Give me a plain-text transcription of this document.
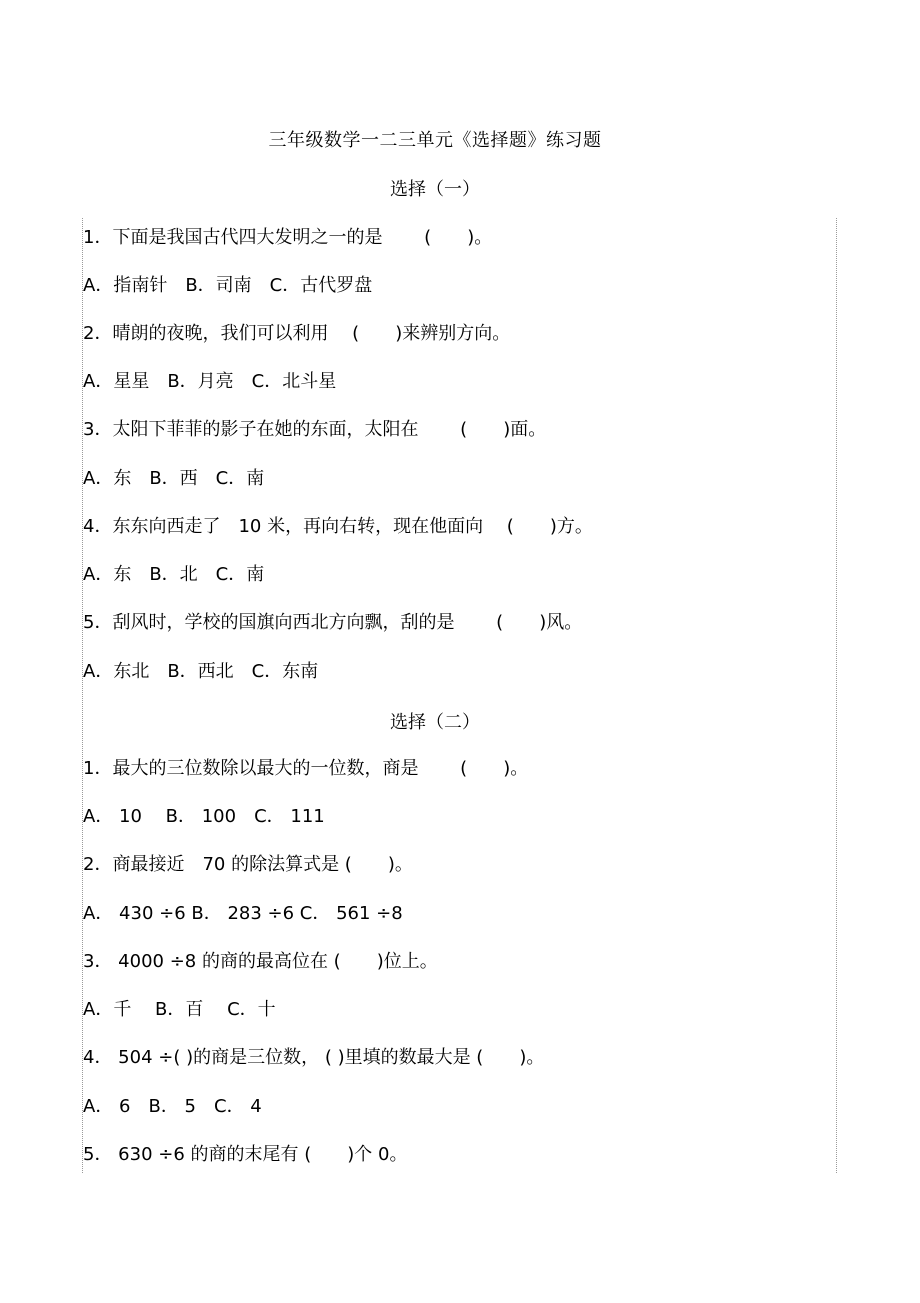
三年级数学一二三单元《选择题》练习题
选择（一）
1．下面是我国古代四大发明之一的是　　 (　　)。
A．指南针　B．司南　C．古代罗盘
2．晴朗的夜晚，我们可以利用　 (　　)来辨别方向。
A．星星　B．月亮　C．北斗星
3．太阳下菲菲的影子在她的东面，太阳在　　 (　　)面。
A．东　B．西　C．南
4．东东向西走了　10 米，再向右转，现在他面向　 (　　)方。
A．东　B．北　C．南
5．刮风时，学校的国旗向西北方向飘，刮的是　　 (　　)风。
A．东北　B．西北　C．东南
选择（二）
1．最大的三位数除以最大的一位数，商是　　 (　　)。
A． 10　 B． 100　C． 111
2．商最接近　70 的除法算式是 (　　)。
A． 430 ÷6 B． 283 ÷6 C． 561 ÷8
3． 4000 ÷8 的商的最高位在 (　　)位上。
A．千　 B．百　 C．十
4． 504 ÷( )的商是三位数， ( )里填的数最大是 (　　)。
A． 6　B． 5　C． 4
5． 630 ÷6 的商的末尾有 (　　)个 0。
